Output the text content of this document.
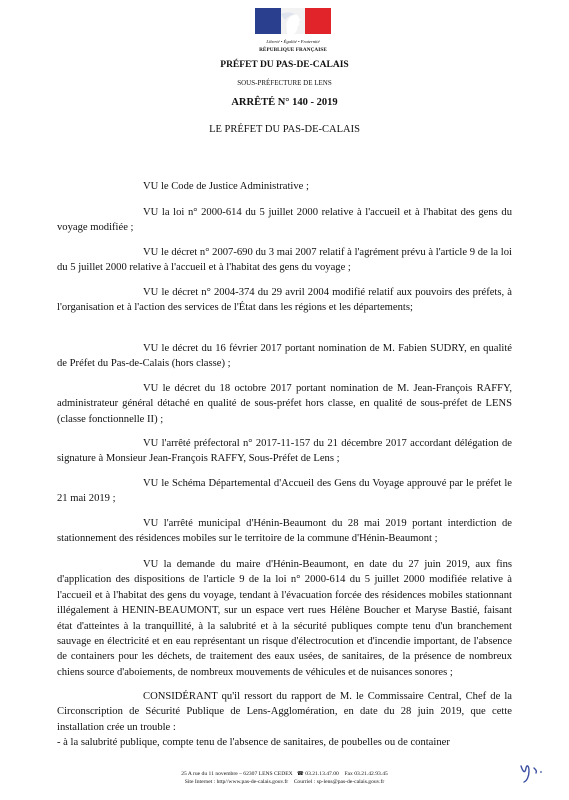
Liberté • Égalité • Fraternité
RÉPUBLIQUE FRANÇAISE
PRÉFET DU PAS-DE-CALAIS
SOUS-PRÉFECTURE DE LENS
ARRÊTÉ N° 140 - 2019
LE PRÉFET DU PAS-DE-CALAIS
VU le Code de Justice Administrative ;
VU la loi n° 2000-614 du 5 juillet 2000 relative à l'accueil et à l'habitat des gens du voyage modifiée ;
VU le décret n° 2007-690 du 3 mai 2007 relatif à l'agrément prévu à l'article 9 de la loi du 5 juillet 2000 relative à l'accueil et à l'habitat des gens du voyage ;
VU le décret n° 2004-374 du 29 avril 2004 modifié relatif aux pouvoirs des préfets, à l'organisation et à l'action des services de l'État dans les régions et les départements;
VU le décret du 16 février 2017 portant nomination de M. Fabien SUDRY, en qualité de Préfet du Pas-de-Calais (hors classe) ;
VU le décret du 18 octobre 2017 portant nomination de M. Jean-François RAFFY, administrateur général détaché en qualité de sous-préfet hors classe, en qualité de sous-préfet de LENS (classe fonctionnelle II) ;
VU l'arrêté préfectoral n° 2017-11-157 du 21 décembre 2017 accordant délégation de signature à Monsieur Jean-François RAFFY, Sous-Préfet de Lens ;
VU le Schéma Départemental d'Accueil des Gens du Voyage approuvé par le préfet le 21 mai 2019 ;
VU l'arrêté municipal d'Hénin-Beaumont du 28 mai 2019 portant interdiction de stationnement des résidences mobiles sur le territoire de la commune d'Hénin-Beaumont ;
VU la demande du maire d'Hénin-Beaumont, en date du 27 juin 2019, aux fins d'application des dispositions de l'article 9 de la loi n° 2000-614 du 5 juillet 2000 modifiée relative à l'accueil et à l'habitat des gens du voyage, tendant à l'évacuation forcée des résidences mobiles stationnant illégalement à HENIN-BEAUMONT, sur un espace vert rues Hélène Boucher et Maryse Bastié, faisant état d'atteintes à la tranquillité, à la salubrité et à la sécurité publiques compte tenu d'un branchement sauvage en électricité et en eau représentant un risque d'électrocution et d'incendie important, de l'absence de containers pour les déchets, de traitement des eaux usées, de sanitaires, de la présence de nombreux chiens source d'aboiements, de nombreux mouvements de véhicules et de nuisances sonores ;
CONSIDÉRANT qu'il ressort du rapport de M. le Commissaire Central, Chef de la Circonscription de Sécurité Publique de Lens-Agglomération, en date du 28 juin 2019, que cette installation crée un trouble :
- à la salubrité publique, compte tenu de l'absence de sanitaires, de poubelles ou de container
25 A rue du 11 novembre – 62307 LENS CEDEX ☎ 03.21.13.47.00 Fax 03.21.42.93.45
Site Internet : http//www.pas-de-calais.gouv.fr Courriel : sp-lens@pas-de-calais.gouv.fr
